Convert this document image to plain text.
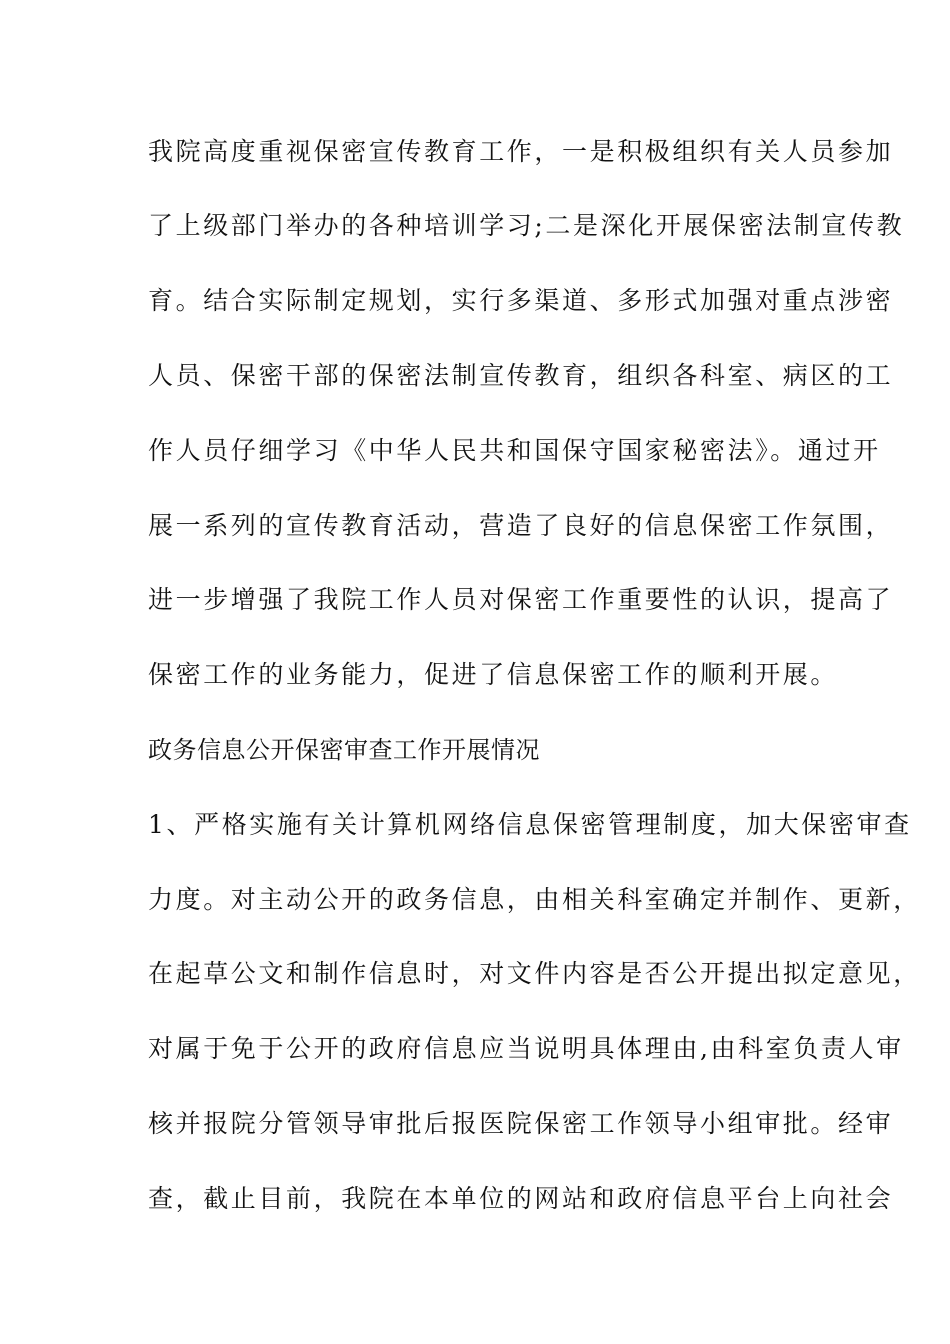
我院高度重视保密宣传教育工作，一是积极组织有关人员参加
了上级部门举办的各种培训学习;二是深化开展保密法制宣传教
育。结合实际制定规划，实行多渠道、多形式加强对重点涉密
人员、保密干部的保密法制宣传教育，组织各科室、病区的工
作人员仔细学习《中华人民共和国保守国家秘密法》。通过开
展一系列的宣传教育活动，营造了良好的信息保密工作氛围，
进一步增强了我院工作人员对保密工作重要性的认识，提高了
保密工作的业务能力，促进了信息保密工作的顺利开展。
政务信息公开保密审查工作开展情况
1、严格实施有关计算机网络信息保密管理制度，加大保密审查
力度。对主动公开的政务信息，由相关科室确定并制作、更新，
在起草公文和制作信息时，对文件内容是否公开提出拟定意见，
对属于免于公开的政府信息应当说明具体理由,由科室负责人审
核并报院分管领导审批后报医院保密工作领导小组审批。经审
查，截止目前，我院在本单位的网站和政府信息平台上向社会
